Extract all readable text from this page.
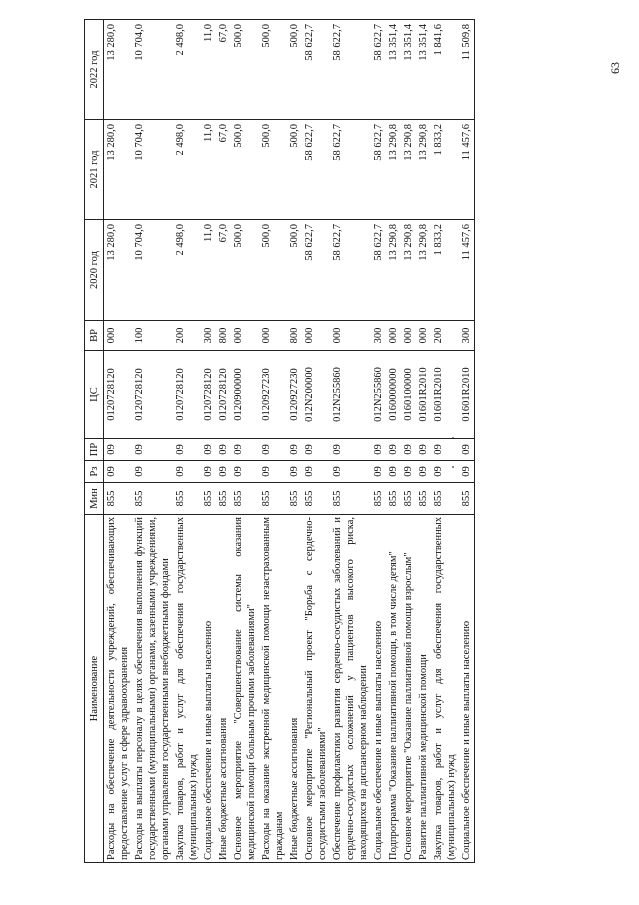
63
Наименование	Мин	Рз	ПР	ЦС	ВР	2020 год	2021 год	2022 год
Расходы на обеспечение деятельности учреждений, обеспечивающих предоставление услуг в сфере здравоохранения	855	09	09	0120728120	000	13 280,0	13 280,0	13 280,0
Расходы на выплаты персоналу в целях обеспечения выполнения функций государственными (муниципальными) органами, казенными учреждениями, органами управления государственными внебюджетными фондами	855	09	09	0120728120	100	10 704,0	10 704,0	10 704,0
Закупка товаров, работ и услуг для обеспечения государственных (муниципальных) нужд	855	09	09	0120728120	200	2 498,0	2 498,0	2 498,0
Социальное обеспечение и иные выплаты населению	855	09	09	0120728120	300	11,0	11,0	11,0
Иные бюджетные ассигнования	855	09	09	0120728120	800	67,0	67,0	67,0
Основное мероприятие "Совершенствование системы оказания медицинской помощи больным прочими заболеваниями"	855	09	09	0120900000	000	500,0	500,0	500,0
Расходы на оказание экстренной медицинской помощи незастрахованным гражданам	855	09	09	0120927230	000	500,0	500,0	500,0
Иные бюджетные ассигнования	855	09	09	0120927230	800	500,0	500,0	500,0
Основное мероприятие "Региональный проект "Борьба с сердечно-сосудистыми заболеваниями"	855	09	09	012N200000	000	58 622,7	58 622,7	58 622,7
Обеспечение профилактики развития сердечно-сосудистых заболеваний и сердечно-сосудистых осложнений у пациентов высокого риска, находящихся на диспансерном наблюдении	855	09	09	012N255860	000	58 622,7	58 622,7	58 622,7
Социальное обеспечение и иные выплаты населению	855	09	09	012N255860	300	58 622,7	58 622,7	58 622,7
Подпрограмма "Оказание паллиативной помощи, в том числе детям"	855	09	09	0160000000	000	13 290,8	13 290,8	13 351,4
Основное мероприятие "Оказание паллиативной помощи взрослым"	855	09	09	0160100000	000	13 290,8	13 290,8	13 351,4
Развитие паллиативной медицинской помощи	855	09	09	01601R2010	000	13 290,8	13 290,8	13 351,4
Закупка товаров, работ и услуг для обеспечения государственных (муниципальных) нужд	855	09	09	01601R2010	200	1 833,2	1 833,2	1 841,6
Социальное обеспечение и иные выплаты населению	855	09	09	01601R2010	300	11 457,6	11 457,6	11 509,8
